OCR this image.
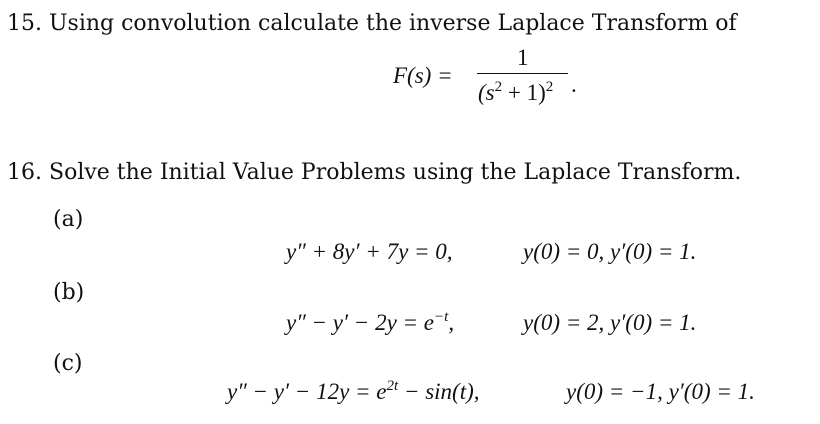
15. Using convolution calculate the inverse Laplace Transform of
F(s) =
1
$(s^2 + 1)^2$ .
16. Solve the Initial Value Problems using the Laplace Transform.
(a)
y″ + 8y′ + 7y = 0,	y(0) = 0, y′(0) = 1.
(b)
$y'' - y' - 2y = e^{-t}$,	y(0) = 2, y′(0) = 1.
(c)
$y'' - y' - 12y = e^{2t} - \sin(t)$,	y(0) = −1, y′(0) = 1.
